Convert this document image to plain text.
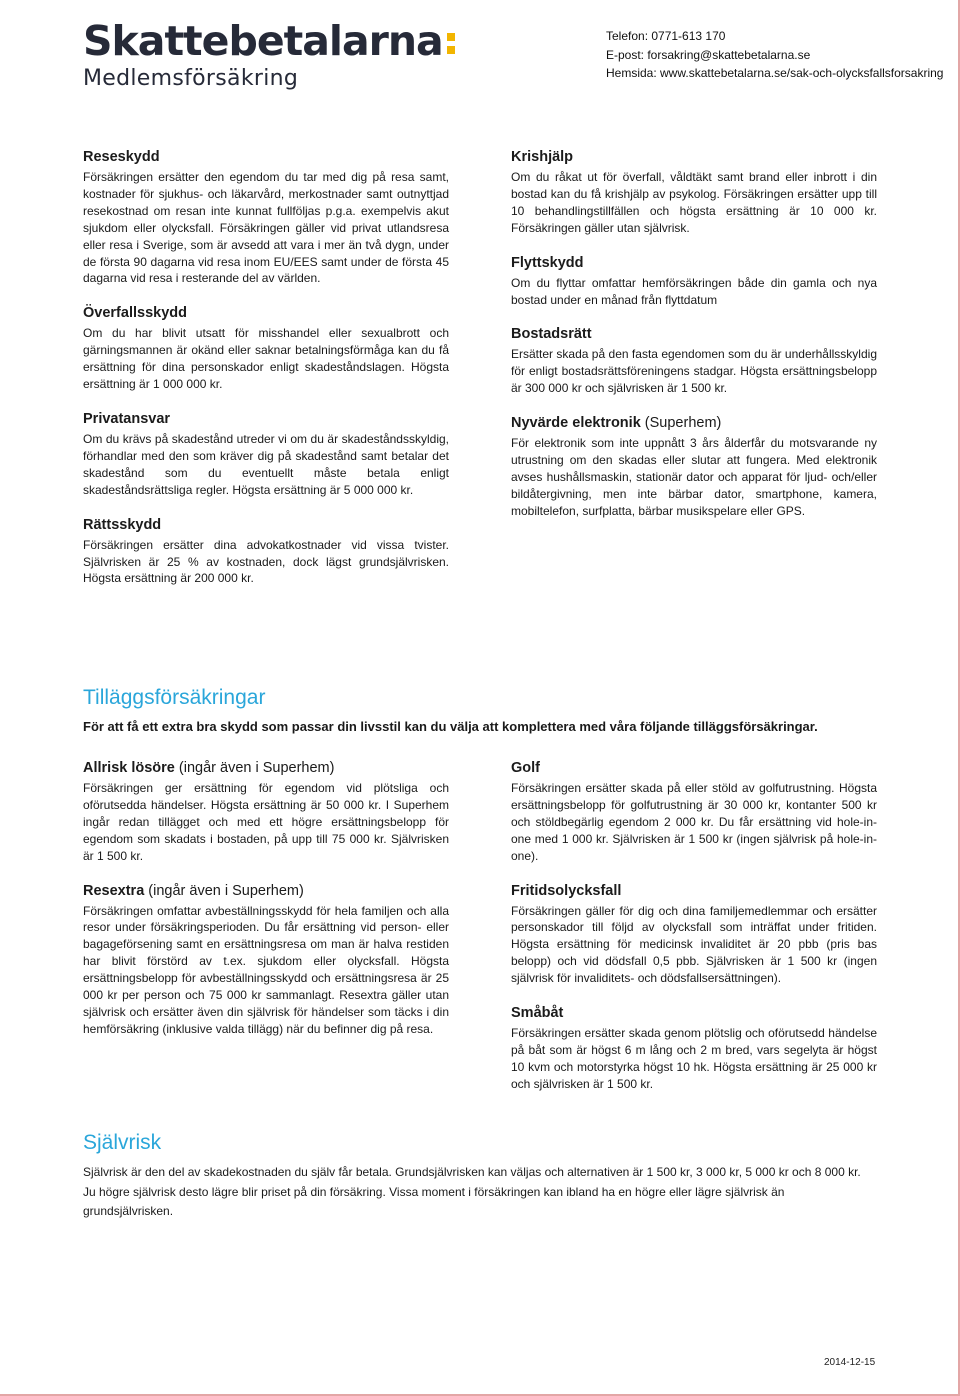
Skattebetalarna
Medlemsförsäkring
Telefon: 0771-613 170
E-post: forsakring@skattebetalarna.se
Hemsida: www.skattebetalarna.se/sak-och-olycksfallsforsakring
Reseskydd

Försäkringen ersätter den egendom du tar med dig på resa samt, kostnader för sjukhus- och läkarvård, merkostnader samt outnyttjad resekostnad om resan inte kunnat fullföljas p.g.a. exempelvis akut sjukdom eller olycksfall. Försäkringen gäller vid privat utlandsresa eller resa i Sverige, som är avsedd att vara i mer än två dygn, under de första 90 dagarna vid resa inom EU/EES samt under de första 45 dagarna vid resa i resterande del av världen.

Överfallsskydd

Om du har blivit utsatt för misshandel eller sexualbrott och gärningsmannen är okänd eller saknar betalningsförmåga kan du få ersättning för dina personskador enligt skadeståndslagen. Högsta ersättning är 1 000 000 kr.

Privatansvar

Om du krävs på skadestånd utreder vi om du är skadeståndsskyldig, förhandlar med den som kräver dig på skadestånd samt betalar det skadestånd som du eventuellt måste betala enligt skadeståndsrättsliga regler. Högsta ersättning är 5 000 000 kr.

Rättsskydd

Försäkringen ersätter dina advokatkostnader vid vissa tvister. Självrisken är 25 % av kostnaden, dock lägst grundsjälvrisken. Högsta ersättning är 200 000 kr.

Krishjälp

Om du råkat ut för överfall, våldtäkt samt brand eller inbrott i din bostad kan du få krishjälp av psykolog. Försäkringen ersätter upp till 10 behandlingstillfällen och högsta ersättning är 10 000 kr. Försäkringen gäller utan självrisk.

Flyttskydd

Om du flyttar omfattar hemförsäkringen både din gamla och nya bostad under en månad från flyttdatum

Bostadsrätt

Ersätter skada på den fasta egendomen som du är underhållsskyldig för enligt bostadsrättsföreningens stadgar. Högsta ersättningsbelopp är 300 000 kr och självrisken är 1 500 kr.

Nyvärde elektronik (Superhem)

För elektronik som inte uppnått 3 års ålderfår du motsvarande ny utrustning om den skadas eller slutar att fungera. Med elektronik avses hushållsmaskin, stationär dator och apparat för ljud- och/eller bildåtergivning, men inte bärbar dator, smartphone, kamera, mobiltelefon, surfplatta, bärbar musikspelare eller GPS.

Tilläggsförsäkringar
För att få ett extra bra skydd som passar din livsstil kan du välja att komplettera med våra följande tilläggsförsäkringar.
Allrisk lösöre (ingår även i Superhem)

Försäkringen ger ersättning för egendom vid plötsliga och oförutsedda händelser. Högsta ersättning är 50 000 kr. I Superhem ingår redan tillägget och med ett högre ersättningsbelopp för egendom som skadats i bostaden, på upp till 75 000 kr. Självrisken är 1 500 kr.

Resextra (ingår även i Superhem)

Försäkringen omfattar avbeställningsskydd för hela familjen och alla resor under försäkringsperioden. Du får ersättning vid person- eller bagageförsening samt en ersättningsresa om man är halva restiden har blivit förstörd av t.ex. sjukdom eller olycksfall. Högsta ersättningsbelopp för avbeställningsskydd och ersättningsresa är 25 000 kr per person och 75 000 kr sammanlagt. Resextra gäller utan självrisk och ersätter även din självrisk för händelser som täcks i din hemförsäkring (inklusive valda tillägg) när du befinner dig på resa.

Golf

Försäkringen ersätter skada på eller stöld av golfutrustning. Högsta ersättningsbelopp för golfutrustning är 30 000 kr, kontanter 500 kr och stöldbegärlig egendom 2 000 kr. Du får ersättning vid hole-in-one med 1 000 kr. Självrisken är 1 500 kr (ingen självrisk på hole-in-one).

Fritidsolycksfall

Försäkringen gäller för dig och dina familjemedlemmar och ersätter personskador till följd av olycksfall som inträffat under fritiden. Högsta ersättning för medicinsk invaliditet är 20 pbb (pris bas belopp) och vid dödsfall 0,5 pbb. Självrisken är 1 500 kr (ingen självrisk för invaliditets- och dödsfallsersättningen).

Småbåt

Försäkringen ersätter skada genom plötslig och oförutsedd händelse på båt som är högst 6 m lång och 2 m bred, vars segelyta är högst 10 kvm och motorstyrka högst 10 hk. Högsta ersättning är 25 000 kr och självrisken är 1 500 kr.

Självrisk

Självrisk är den del av skadekostnaden du själv får betala. Grundsjälvrisken kan väljas och alternativen är 1 500 kr, 3 000 kr, 5 000 kr och 8 000 kr. Ju högre självrisk desto lägre blir priset på din försäkring. Vissa moment i försäkringen kan ibland ha en högre eller lägre självrisk än grundsjälvrisken.

2014-12-15
